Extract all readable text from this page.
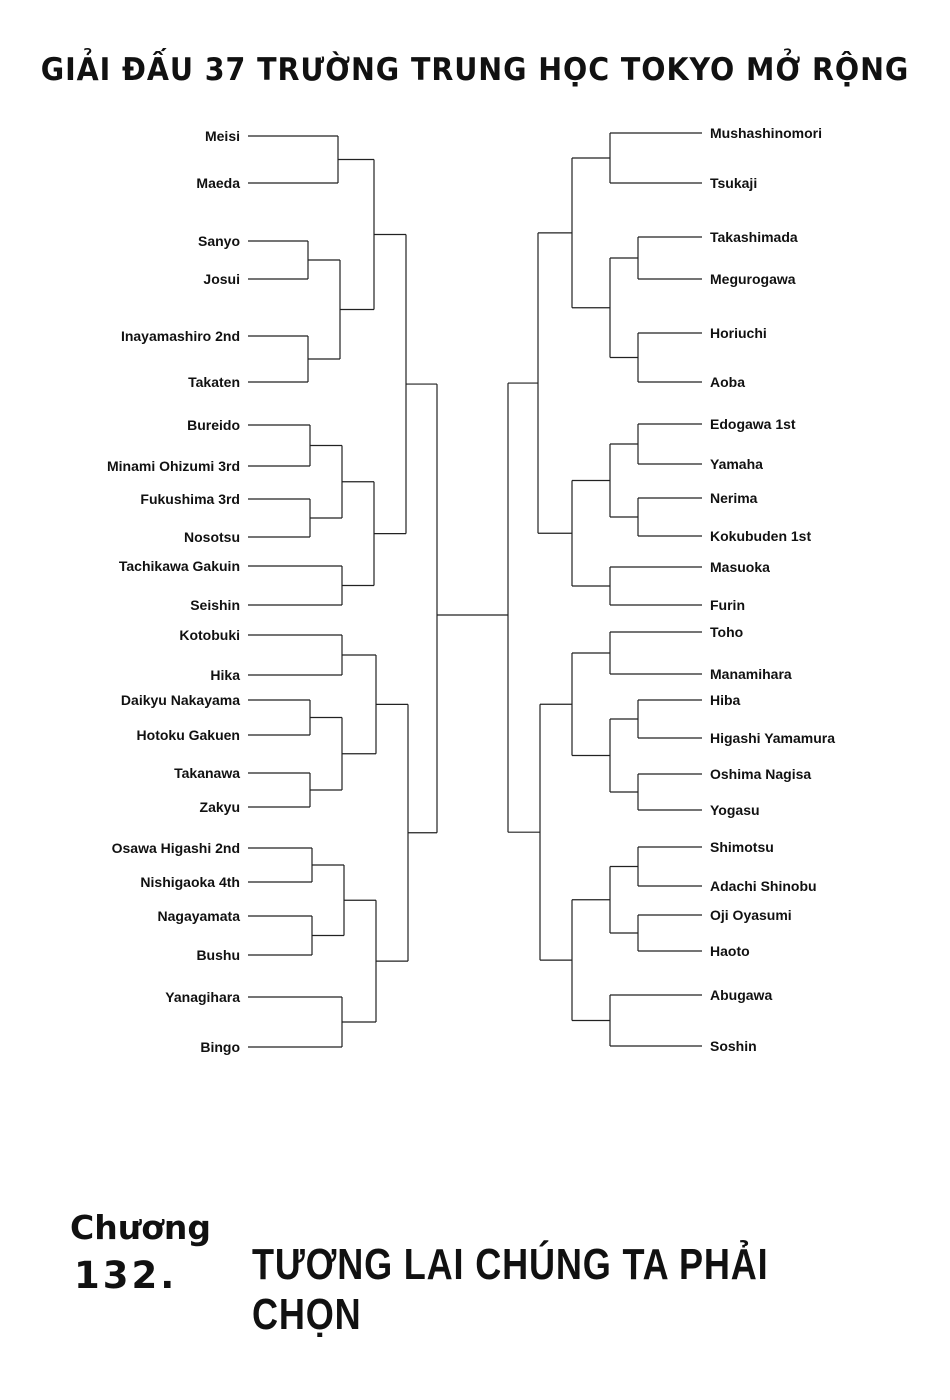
GIẢI ĐẤU 37 TRƯỜNG TRUNG HỌC TOKYO MỞ RỘNG
Meisi
Maeda
Sanyo
Josui
Inayamashiro 2nd
Takaten
Bureido
Minami Ohizumi 3rd
Fukushima 3rd
Nosotsu
Tachikawa Gakuin
Seishin
Kotobuki
Hika
Daikyu Nakayama
Hotoku Gakuen
Takanawa
Zakyu
Osawa Higashi 2nd
Nishigaoka 4th
Nagayamata
Bushu
Yanagihara
Bingo
Mushashinomori
Tsukaji
Takashimada
Megurogawa
Horiuchi
Aoba
Edogawa 1st
Yamaha
Nerima
Kokubuden 1st
Masuoka
Furin
Toho
Manamihara
Hiba
Higashi Yamamura
Oshima Nagisa
Yogasu
Shimotsu
Adachi Shinobu
Oji Oyasumi
Haoto
Abugawa
Soshin
Chương
132. TƯƠNG LAI CHÚNG TA PHẢI CHỌN
